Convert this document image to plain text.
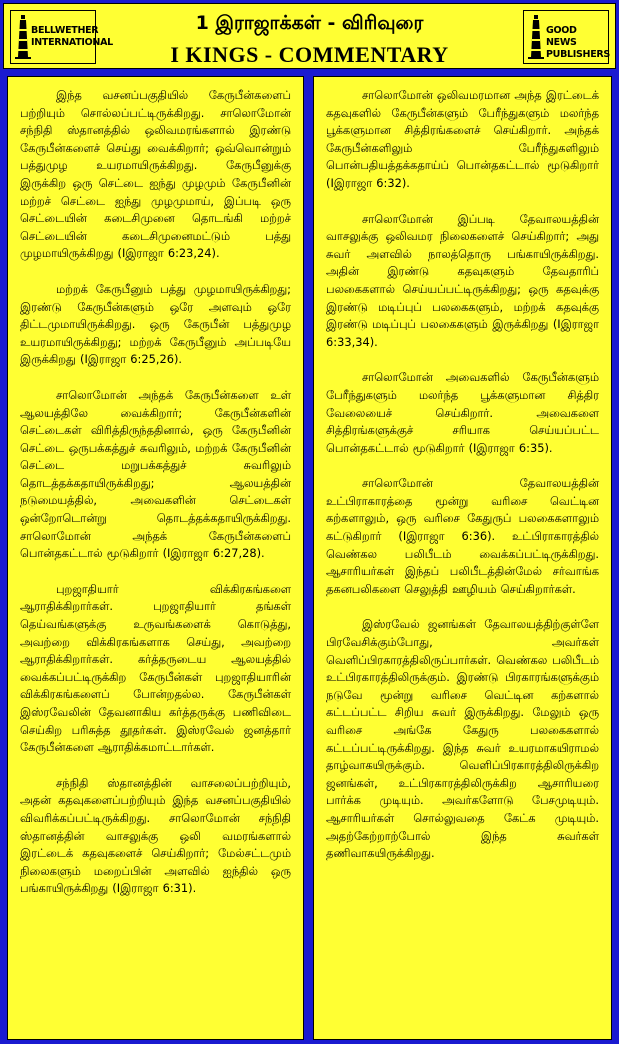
BELLWETHER
INTERNATIONAL
1 இராஜாக்கள் - விரிவுரை
I KINGS - COMMENTARY
GOOD NEWS
PUBLISHERS

இந்த வசனப்பகுதியில் கேருபீன்களைப் பற்றியும் சொல்லப்பட்டிருக்கிறது. சாலொமோன் சந்நிதி ஸ்தானத்தில் ஒலிவமரங்களால் இரண்டு கேருபீன்களைச் செய்து வைக்கிறார்; ஒவ்வொன்றும் பத்துமுழ உயரமாயிருக்கிறது. கேருபீனுக்கு இருக்கிற ஒரு செட்டை ஐந்து முழமும் கேருபீனின் மற்றச் செட்டை ஐந்து முழமுமாய், இப்படி ஒரு செட்டையின் கடைசிமுனை தொடங்கி மற்றச் செட்டையின் கடைசிமுனைமட்டும் பத்து முழமாயிருக்கிறது (Iஇராஜா 6:23,24).

மற்றக் கேருபீனும் பத்து முழமாயிருக்கிறது; இரண்டு கேருபீன்களும் ஒரே அளவும் ஒரே திட்டமுமாயிருக்கிறது. ஒரு கேருபீன் பத்துமுழ உயரமாயிருக்கிறது; மற்றக் கேருபீனும் அப்படியே இருக்கிறது (Iஇராஜா 6:25,26).

சாலொமோன் அந்தக் கேருபீன்களை உள் ஆலயத்திலே வைக்கிறார்; கேருபீன்களின் செட்டைகள் விரித்திருந்ததினால், ஒரு கேருபீனின் செட்டை ஒருபக்கத்துச் சுவரிலும், மற்றக் கேருபீனின் செட்டை மறுபக்கத்துச் சுவரிலும் தொடத்தக்கதாயிருக்கிறது; ஆலயத்தின் நடுமையத்தில், அவைகளின் செட்டைகள் ஒன்றோடொன்று தொடத்தக்கதாயிருக்கிறது. சாலொமோன் அந்தக் கேருபீன்களைப் பொன்தகட்டால் மூடுகிறார் (Iஇராஜா 6:27,28).

புறஜாதியார் விக்கிரகங்களை ஆராதிக்கிறார்கள். புறஜாதியார் தங்கள் தெய்வங்களுக்கு உருவங்களைக் கொடுத்து, அவற்றை விக்கிரகங்களாக செய்து, அவற்றை ஆராதிக்கிறார்கள். கர்த்தருடைய ஆலயத்தில் வைக்கப்பட்டிருக்கிற கேருபீன்கள் புறஜாதியாரின் விக்கிரகங்களைப் போன்றதல்ல. கேருபீன்கள் இஸ்ரவேலின் தேவனாகிய கர்த்தருக்கு பணிவிடை செய்கிற பரிசுத்த தூதர்கள். இஸ்ரவேல் ஜனத்தார் கேருபீன்களை ஆராதிக்கமாட்டார்கள்.

சந்நிதி ஸ்தானத்தின் வாசலைப்பற்றியும், அதன் கதவுகளைப்பற்றியும் இந்த வசனப்பகுதியில் விவரிக்கப்பட்டிருக்கிறது. சாலொமோன் சந்நிதி ஸ்தானத்தின் வாசலுக்கு ஒலி வமரங்களால் இரட்டைக் கதவுகளைச் செய்கிறார்; மேல்சட்டமும் நிலைகளும் மறைப்பின் அளவில் ஐந்தில் ஒரு பங்காயிருக்கிறது (Iஇராஜா 6:31).

சாலொமோன் ஒலிவமரமான அந்த இரட்டைக் கதவுகளில் கேருபீன்களும் பேரீந்துகளும் மலர்ந்த பூக்களுமான சித்திரங்களைச் செய்கிறார். அந்தக் கேருபீன்களிலும் பேரீந்துகளிலும் பொன்பதியத்தக்கதாய்ப் பொன்தகட்டால் மூடுகிறார் (Iஇராஜா 6:32).

சாலொமோன் இப்படி தேவாலயத்தின் வாசலுக்கு ஒலிவமர நிலைகளைச் செய்கிறார்; அது சுவர் அளவில் நாலத்தொரு பங்காயிருக்கிறது. அதின் இரண்டு கதவுகளும் தேவதாரிப் பலகைகளால் செய்யப்பட்டிருக்கிறது; ஒரு கதவுக்கு இரண்டு மடிப்புப் பலகைகளும், மற்றக் கதவுக்கு இரண்டு மடிப்புப் பலகைகளும் இருக்கிறது (Iஇராஜா 6:33,34).

சாலொமோன் அவைகளில் கேருபீன்களும் பேரீந்துகளும் மலர்ந்த பூக்களுமான சித்திர வேலையைச் செய்கிறார். அவைகளை சித்திரங்களுக்குச் சரியாக செய்யப்பட்ட பொன்தகட்டால் மூடுகிறார் (Iஇராஜா 6:35).

சாலொமோன் தேவாலயத்தின் உட்பிராகாரத்தை மூன்று வரிசை வெட்டின கற்களாலும், ஒரு வரிசை கேதுருப் பலகைகளாலும் கட்டுகிறார் (Iஇராஜா 6:36). உட்பிராகாரத்தில் வெண்கல பலிபீடம் வைக்கப்பட்டிருக்கிறது. ஆசாரியர்கள் இந்தப் பலிபீடத்தின்மேல் சர்வாங்க தகனபலிகளை செலுத்தி ஊழியம் செய்கிறார்கள்.

இஸ்ரவேல் ஜனங்கள் தேவாலயத்திற்குள்ளே பிரவேசிக்கும்போது, அவர்கள் வெளிப்பிரகாரத்திலிருப்பார்கள். வெண்கல பலிபீடம் உட்பிரகாரத்திலிருக்கும். இரண்டு பிரகாரங்களுக்கும் நடுவே மூன்று வரிசை வெட்டின கற்களால் கட்டப்பட்ட சிறிய சுவர் இருக்கிறது. மேலும் ஒரு வரிசை அங்கே கேதுரு பலகைகளால் கட்டப்பட்டிருக்கிறது. இந்த சுவர் உயரமாகயிராமல் தாழ்வாகயிருக்கும். வெளிப்பிரகாரத்திலிருக்கிற ஜனங்கள், உட்பிரகாரத்திலிருக்கிற ஆசாரியரை பார்க்க முடியும். அவர்களோடு பேசமுடியும். ஆசாரியர்கள் சொல்லுவதை கேட்க முடியும். அதற்கேற்றாற்போல் இந்த சுவர்கள் தணிவாகயிருக்கிறது.
